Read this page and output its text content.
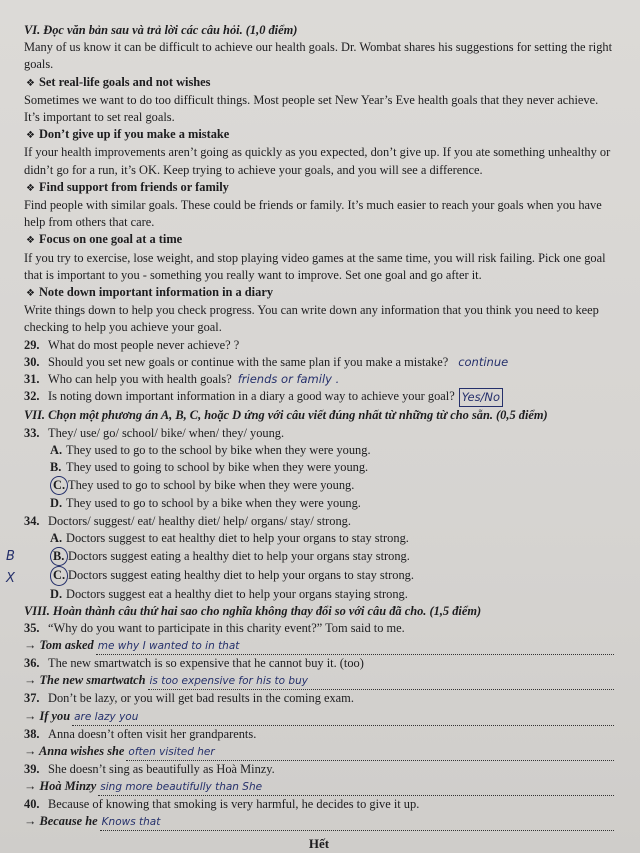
VI. Đọc văn bản sau và trả lời các câu hỏi. (1,0 điểm)

Many of us know it can be difficult to achieve our health goals. Dr. Wombat shares his suggestions for setting the right goals.

❖ Set real-life goals and not wishes

Sometimes we want to do too difficult things. Most people set New Year’s Eve health goals that they never achieve. It’s important to set real goals.

❖ Don’t give up if you make a mistake

If your health improvements aren’t going as quickly as you expected, don’t give up. If you ate something unhealthy or didn’t go for a run, it’s OK. Keep trying to achieve your goals, and you will see a difference.

❖ Find support from friends or family

Find people with similar goals. These could be friends or family. It’s much easier to reach your goals when you have help from others that care.

❖ Focus on one goal at a time

If you try to exercise, lose weight, and stop playing video games at the same time, you will risk failing. Pick one goal that is important to you - something you really want to improve. Set one goal and go after it.

❖ Note down important information in a diary

Write things down to help you check progress. You can write down any information that you think you need to keep checking to help you achieve your goal.

29. What do most people never achieve? ?
30. Should you set new goals or continue with the same plan if you make a mistake? continue
31. Who can help you with health goals? friends or family .
32. Is noting down important information in a diary a good way to achieve your goal? Yes/No
VII. Chọn một phương án A, B, C, hoặc D ứng với câu viết đúng nhất từ những từ cho sẵn. (0,5 điểm)
33. They/ use/ go/ school/ bike/ when/ they/ young.
A. They used to go to the school by bike when they were young.
B. They used to going to school by bike when they were young.
C. They used to go to school by bike when they were young.
D. They used to go to school by a bike when they were young.
34. Doctors/ suggest/ eat/ healthy diet/ help/ organs/ stay/ strong.
A. Doctors suggest to eat healthy diet to help your organs to stay strong.
B. Doctors suggest eating a healthy diet to help your organs stay strong.
C. Doctors suggest eating healthy diet to help your organs to stay strong.
D. Doctors suggest eat a healthy diet to help your organs staying strong.
VIII. Hoàn thành câu thứ hai sao cho nghĩa không thay đổi so với câu đã cho. (1,5 điểm)
35. “Why do you want to participate in this charity event?” Tom said to me.
→ Tom asked me why I wanted to in that
36. The new smartwatch is so expensive that he cannot buy it. (too)
→ The new smartwatch is too expensive for his to buy
37. Don’t be lazy, or you will get bad results in the coming exam.
→ If you are lazy you
38. Anna doesn’t often visit her grandparents.
→ Anna wishes she often visited her
39. She doesn’t sing as beautifully as Hoà Minzy.
→ Hoà Minzy sing more beautifully than She
40. Because of knowing that smoking is very harmful, he decides to give it up.
→ Because he Knows that
Hết
B
X
